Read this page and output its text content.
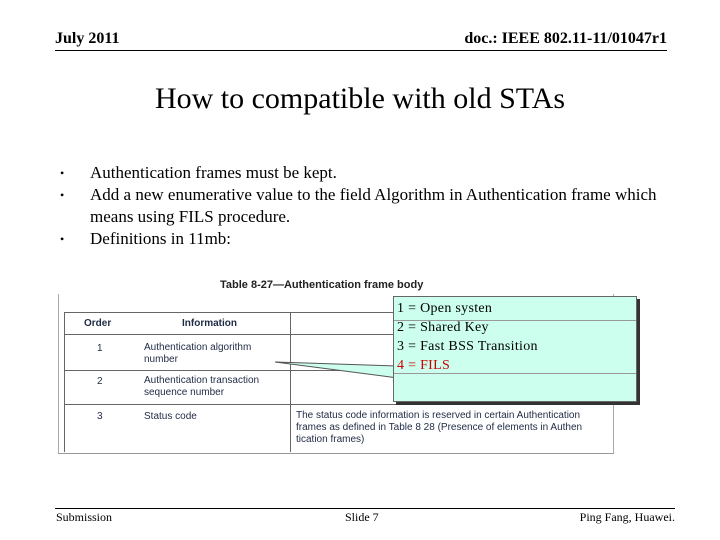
July 2011	doc.: IEEE 802.11-11/01047r1
How to compatible with old STAs
•	Authentication frames must be kept.
•	Add a new enumerative value to the field Algorithm in Authentication frame which means using FILS procedure.
•	Definitions in 11mb:
Table 8-27—Authentication frame body
Order	Information
1	Authentication algorithm number
2	Authentication transaction sequence number
3	Status code	The status code information is reserved in certain Authentication frames as defined in Table 8 28 (Presence of elements in Authen tication frames)
1 = Open systen
2 = Shared Key
3 = Fast BSS Transition
4 = FILS
Submission	Slide 7	Ping Fang, Huawei.
